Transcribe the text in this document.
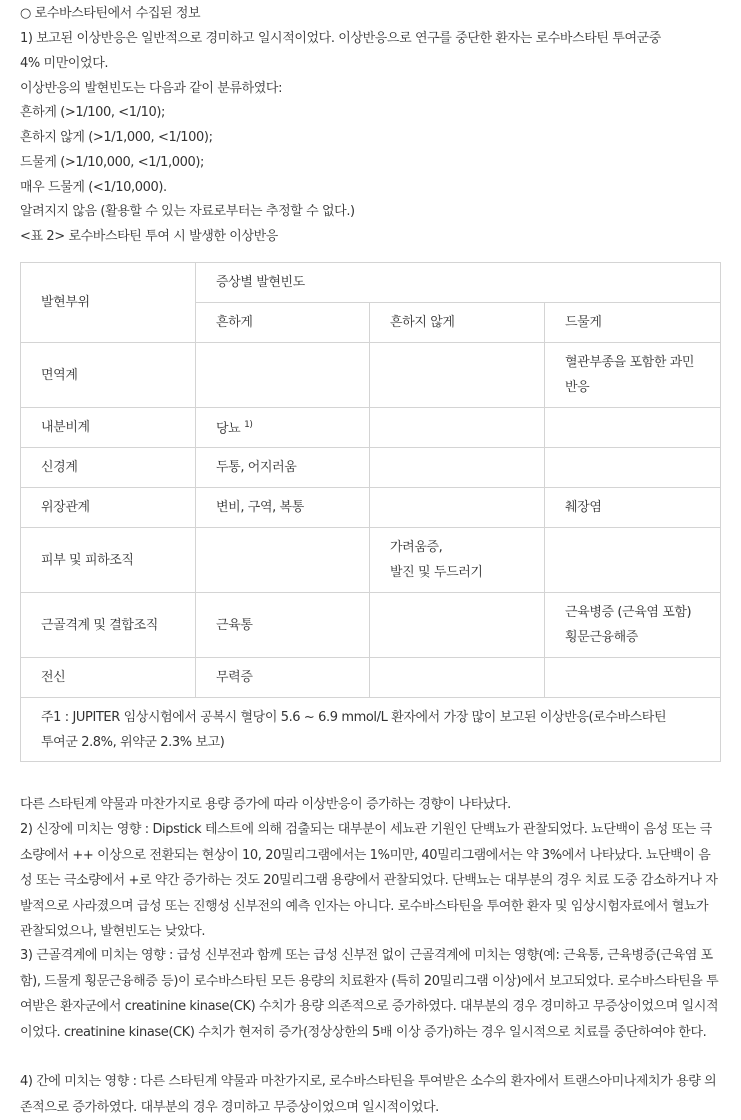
○ 로수바스타틴에서 수집된 정보
1) 보고된 이상반응은 일반적으로 경미하고 일시적이었다. 이상반응으로 연구를 중단한 환자는 로수바스타틴 투여군중
4% 미만이었다.
이상반응의 발현빈도는 다음과 같이 분류하였다:
흔하게 (>1/100, <1/10);
흔하지 않게 (>1/1,000, <1/100);
드물게 (>1/10,000, <1/1,000);
매우 드물게 (<1/10,000).
알려지지 않음 (활용할 수 있는 자료로부터는 추정할 수 없다.)
<표 2> 로수바스타틴 투여 시 발생한 이상반응
발현부위	증상별 발현빈도		
	흔하게	흔하지 않게	드물게
면역계			혈관부종을 포함한 과민
반응
내분비계	당뇨 $^{1)}$		
신경계	두통, 어지러움		
위장관계	변비, 구역, 복통		췌장염
피부 및 피하조직		가려움증,
발진 및 두드러기	
근골격계 및 결합조직	근육통		근육병증 (근육염 포함)
횡문근융해증
전신	무력증		
주1 : JUPITER 임상시험에서 공복시 혈당이 5.6 ~ 6.9 mmol/L 환자에서 가장 많이 보고된 이상반응(로수바스타틴
투여군 2.8%, 위약군 2.3% 보고)			
다른 스타틴계 약물과 마찬가지로 용량 증가에 따라 이상반응이 증가하는 경향이 나타났다.
2) 신장에 미치는 영향 : Dipstick 테스트에 의해 검출되는 대부분이 세뇨관 기원인 단백뇨가 관찰되었다. 뇨단백이 음성 또는 극소량에서 ++ 이상으로 전환되는 현상이 10, 20밀리그램에서는 1%미만, 40밀리그램에서는 약 3%에서 나타났다. 뇨단백이 음성 또는 극소량에서 +로 약간 증가하는 것도 20밀리그램 용량에서 관찰되었다. 단백뇨는 대부분의 경우 치료 도중 감소하거나 자발적으로 사라졌으며 급성 또는 진행성 신부전의 예측 인자는 아니다. 로수바스타틴을 투여한 환자 및 임상시험자료에서 혈뇨가 관찰되었으나, 발현빈도는 낮았다.
3) 근골격계에 미치는 영향 : 급성 신부전과 함께 또는 급성 신부전 없이 근골격계에 미치는 영향(예: 근육통, 근육병증(근육염 포함), 드물게 횡문근융해증 등)이 로수바스타틴 모든 용량의 치료환자 (특히 20밀리그램 이상)에서 보고되었다. 로수바스타틴을 투여받은 환자군에서 creatinine kinase(CK) 수치가 용량 의존적으로 증가하였다. 대부분의 경우 경미하고 무증상이었으며 일시적이었다. creatinine kinase(CK) 수치가 현저히 증가(정상상한의 5배 이상 증가)하는 경우 일시적으로 치료를 중단하여야 한다.
4) 간에 미치는 영향 : 다른 스타틴계 약물과 마찬가지로, 로수바스타틴을 투여받은 소수의 환자에서 트랜스아미나제치가 용량 의존적으로 증가하였다. 대부분의 경우 경미하고 무증상이었으며 일시적이었다.
